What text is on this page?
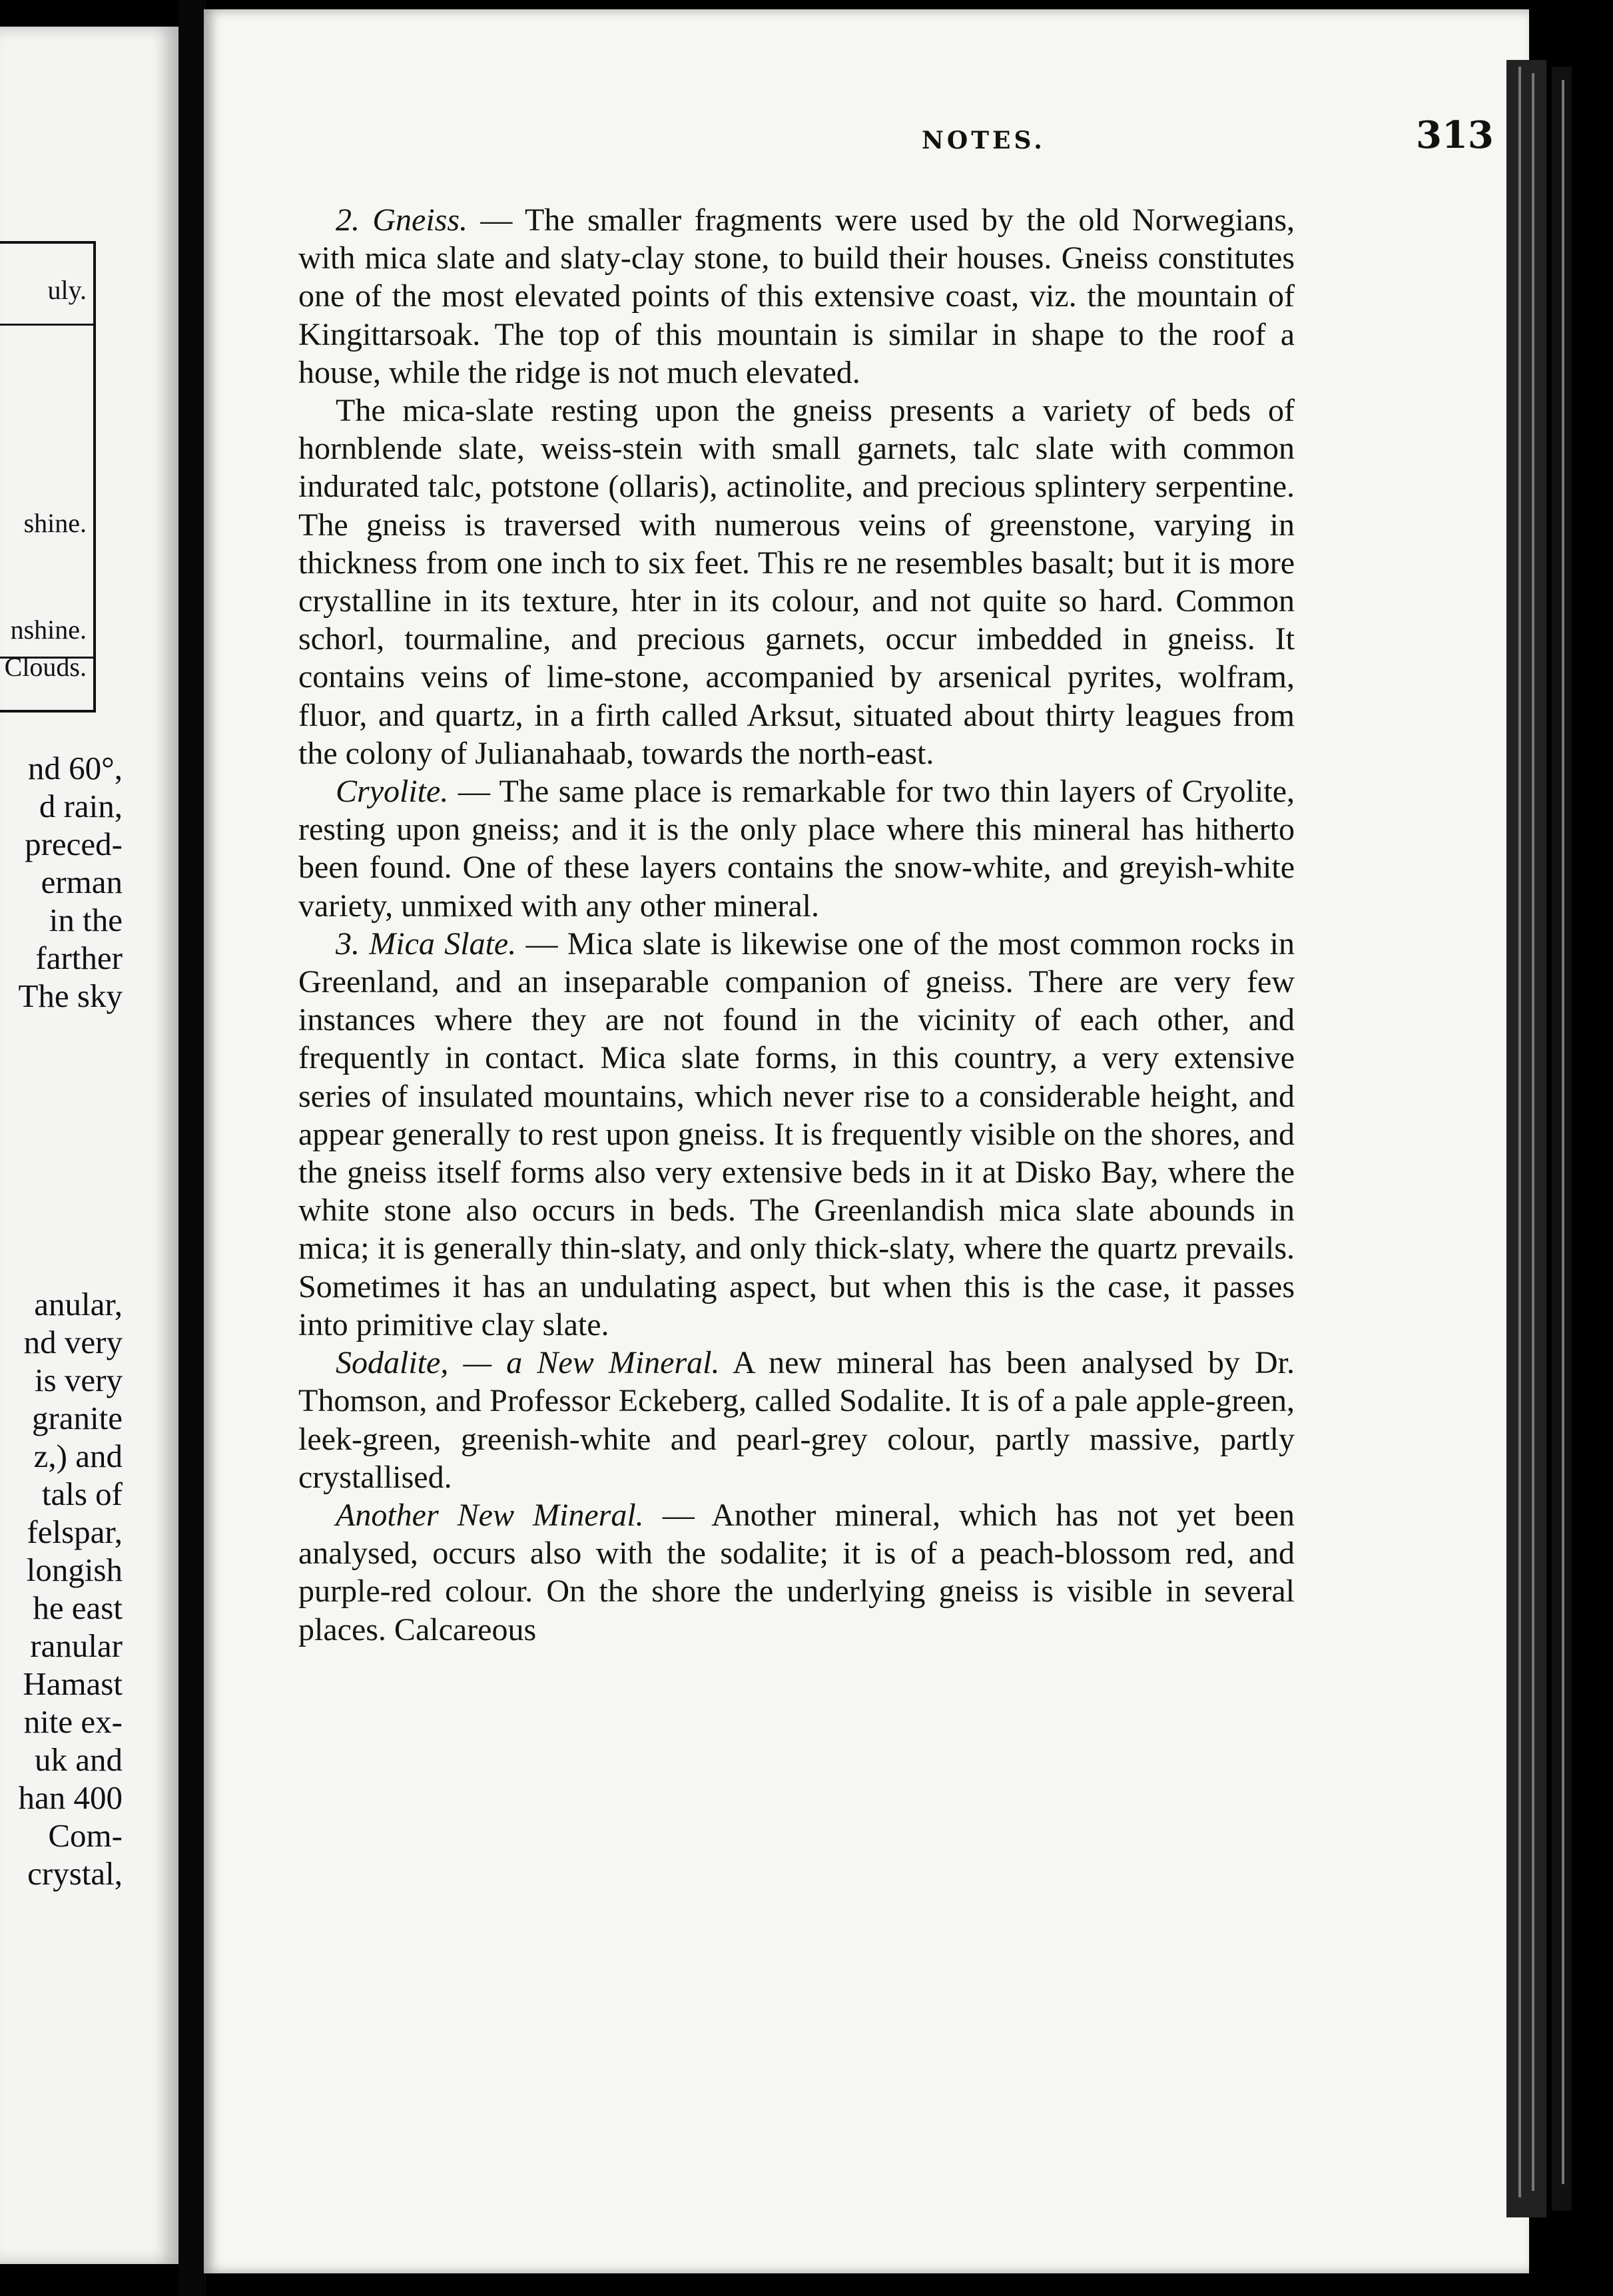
uly.
shine.
nshine.
Clouds.
nd 60°,
d rain,
preced-
erman
in the
farther
The sky
anular,
nd very
is very
granite
z,) and
tals of
felspar,
longish
he east
ranular
Hamast
nite ex-
uk and
han 400
Com-
crystal,
NOTES.	313

2. Gneiss. — The smaller fragments were used by the old Norwegians, with mica slate and slaty-clay stone, to build their houses. Gneiss constitutes one of the most elevated points of this extensive coast, viz. the mountain of Kingittarsoak. The top of this mountain is similar in shape to the roof a house, while the ridge is not much elevated.

The mica-slate resting upon the gneiss presents a variety of beds of hornblende slate, weiss-stein with small garnets, talc slate with common indurated talc, potstone (ollaris), actinolite, and precious splintery serpentine. The gneiss is traversed with numerous veins of greenstone, varying in thickness from one inch to six feet. This re ne resembles basalt; but it is more crystalline in its texture, hter in its colour, and not quite so hard. Common schorl, tourmaline, and precious garnets, occur imbedded in gneiss. It contains veins of lime-stone, accompanied by arsenical pyrites, wolfram, fluor, and quartz, in a firth called Arksut, situated about thirty leagues from the colony of Julianahaab, towards the north-east.

Cryolite. — The same place is remarkable for two thin layers of Cryolite, resting upon gneiss; and it is the only place where this mineral has hitherto been found. One of these layers contains the snow-white, and greyish-white variety, unmixed with any other mineral.

3. Mica Slate. — Mica slate is likewise one of the most common rocks in Greenland, and an inseparable companion of gneiss. There are very few instances where they are not found in the vicinity of each other, and frequently in contact. Mica slate forms, in this country, a very extensive series of insulated mountains, which never rise to a considerable height, and appear generally to rest upon gneiss. It is frequently visible on the shores, and the gneiss itself forms also very extensive beds in it at Disko Bay, where the white stone also occurs in beds. The Greenlandish mica slate abounds in mica; it is generally thin-slaty, and only thick-slaty, where the quartz prevails. Sometimes it has an undulating aspect, but when this is the case, it passes into primitive clay slate.

Sodalite, — a New Mineral. A new mineral has been analysed by Dr. Thomson, and Professor Eckeberg, called Sodalite. It is of a pale apple-green, leek-green, greenish-white and pearl-grey colour, partly massive, partly crystallised.

Another New Mineral. — Another mineral, which has not yet been analysed, occurs also with the sodalite; it is of a peach-blossom red, and purple-red colour. On the shore the underlying gneiss is visible in several places. Calcareous
